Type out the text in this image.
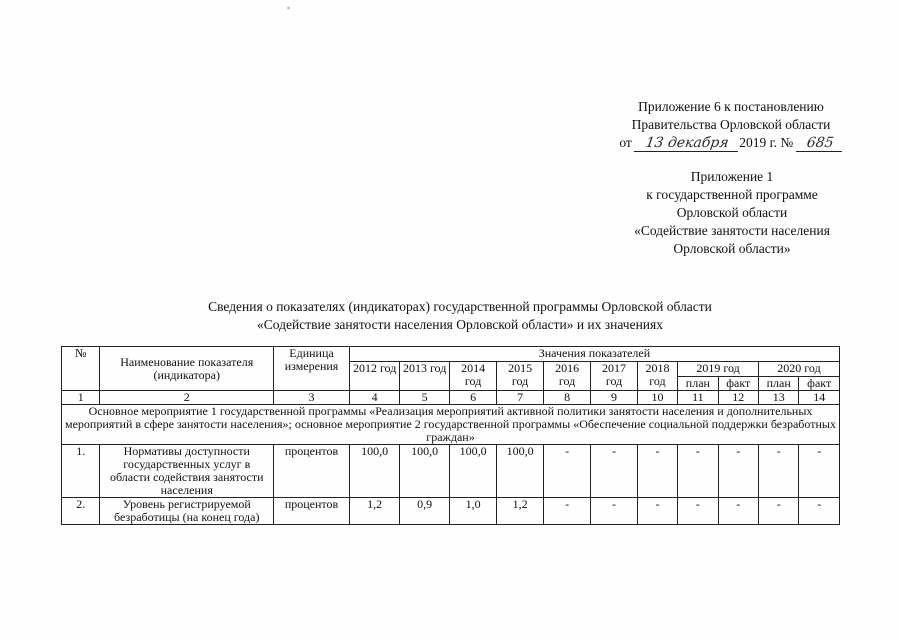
Приложение 6 к постановлению
Правительства Орловской области
от 13 декабря 2019 г. № 685
Приложение 1
к государственной программе
Орловской области
«Содействие занятости населения
Орловской области»
Сведения о показателях (индикаторах) государственной программы Орловской области
«Содействие занятости населения Орловской области» и их значениях
№	Наименование показателя (индикатора)	Единица измерения	Значения показателей										
			2012 год	2013 год	2014 год	2015 год	2016 год	2017 год	2018 год	2019 год		2020 год	
										план	факт	план	факт
1	2	3	4	5	6	7	8	9	10	11	12	13	14
Основное мероприятие 1 государственной программы «Реализация мероприятий активной политики занятости населения и дополнительных мероприятий в сфере занятости населения»; основное мероприятие 2 государственной программы «Обеспечение социальной поддержки безработных граждан»													
1.	Нормативы доступности государственных услуг в области содействия занятости населения	процентов	100,0	100,0	100,0	100,0	-	-	-	-	-	-	-
2.	Уровень регистрируемой безработицы (на конец года)	процентов	1,2	0,9	1,0	1,2	-	-	-	-	-	-	-
